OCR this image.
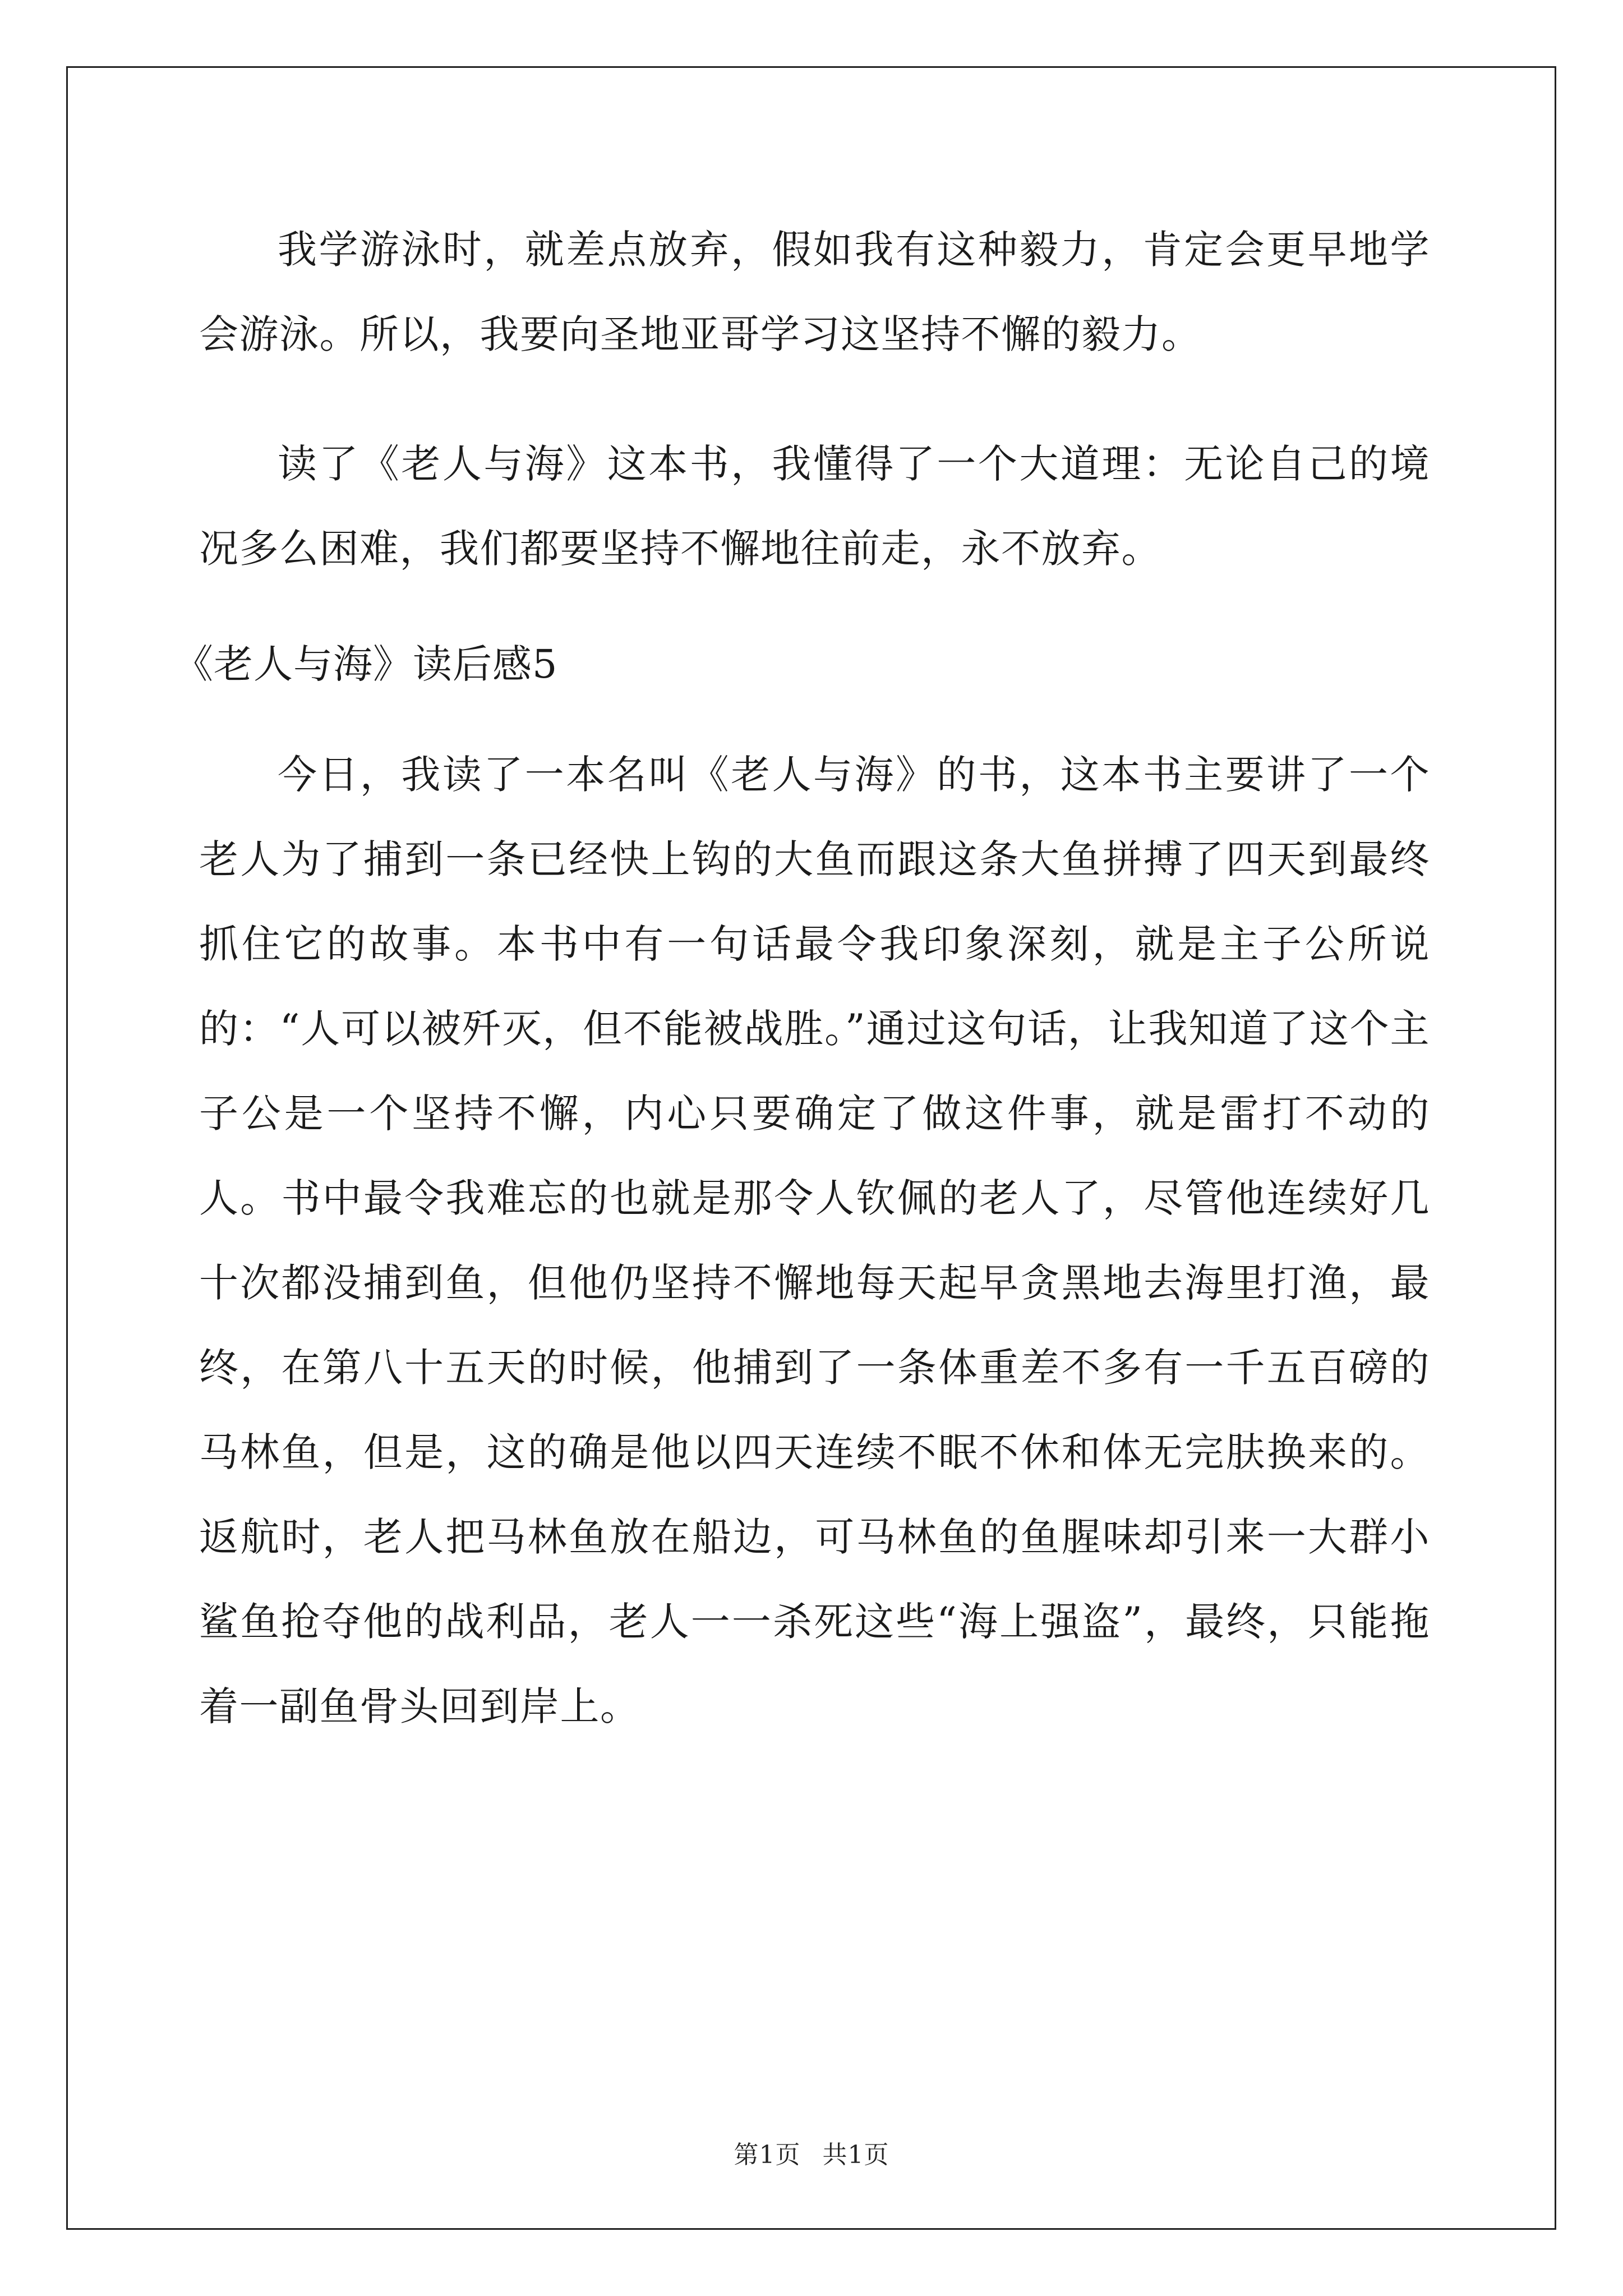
我学游泳时，就差点放弃，假如我有这种毅力，肯定会更早地学会游泳。所以，我要向圣地亚哥学习这坚持不懈的毅力。

读了《老人与海》这本书，我懂得了一个大道理：无论自己的境况多么困难，我们都要坚持不懈地往前走，永不放弃。

《老人与海》读后感5

今日，我读了一本名叫《老人与海》的书，这本书主要讲了一个老人为了捕到一条已经快上钩的大鱼而跟这条大鱼拼搏了四天到最终抓住它的故事。本书中有一句话最令我印象深刻，就是主子公所说的：“人可以被歼灭，但不能被战胜。”通过这句话，让我知道了这个主子公是一个坚持不懈，内心只要确定了做这件事，就是雷打不动的人。书中最令我难忘的也就是那令人钦佩的老人了，尽管他连续好几十次都没捕到鱼，但他仍坚持不懈地每天起早贪黑地去海里打渔，最终，在第八十五天的时候，他捕到了一条体重差不多有一千五百磅的马林鱼，但是，这的确是他以四天连续不眠不休和体无完肤换来的。返航时，老人把马林鱼放在船边，可马林鱼的鱼腥味却引来一大群小鲨鱼抢夺他的战利品，老人一一杀死这些“海上强盗”，最终，只能拖着一副鱼骨头回到岸上。

第1页 共1页
